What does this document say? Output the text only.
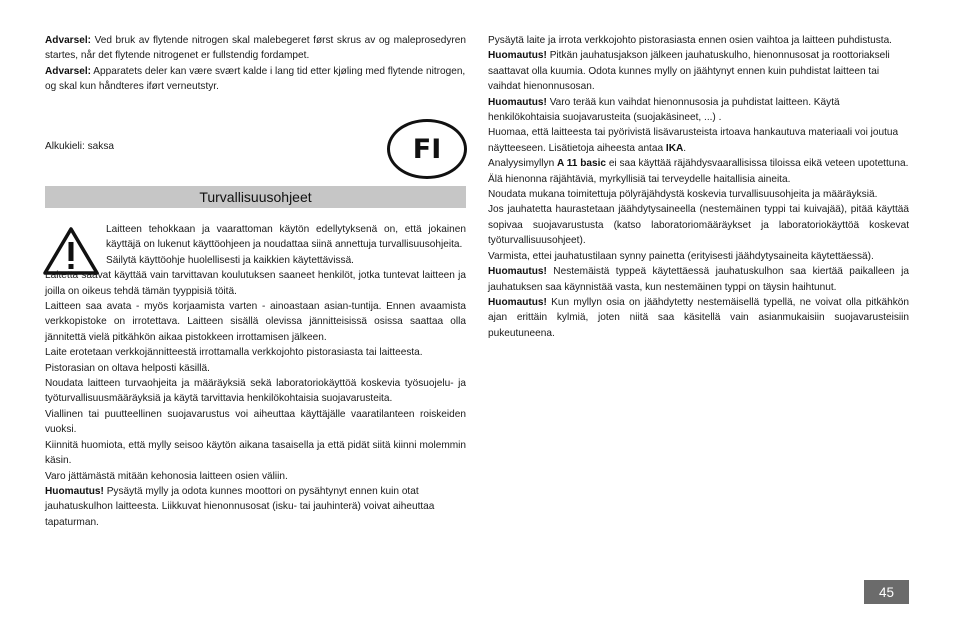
Advarsel: Ved bruk av flytende nitrogen skal malebegeret først skrus av og maleprosedyren startes, når det flytende nitrogenet er fullstendig fordampet.

Advarsel: Apparatets deler kan være svært kalde i lang tid etter kjøling med flytende nitrogen, og skal kun håndteres iført verneutstyr.

Alkukieli: saksa	FI
Turvallisuusohjeet

Laitteen tehokkaan ja vaarattoman käytön edellytyksenä on, että jokainen käyttäjä on lukenut käyttöohjeen ja noudattaa siinä annettuja turvallisuusohjeita.

Säilytä käyttöohje huolellisesti ja kaikkien käytettävissä.

Laitetta saavat käyttää vain tarvittavan koulutuksen saaneet henkilöt, jotka tuntevat laitteen ja joilla on oikeus tehdä tämän tyyppisiä töitä.

Laitteen saa avata - myös korjaamista varten - ainoastaan asian-tuntija. Ennen avaamista verkkopistoke on irrotettava. Laitteen sisällä olevissa jännitteisissä osissa saattaa olla jännitettä vielä pitkähkön aikaa pistokkeen irrottamisen jälkeen.

Laite erotetaan verkkojännitteestä irrottamalla verkkojohto pistorasiasta tai laitteesta. Pistorasian on oltava helposti käsillä.

Noudata laitteen turvaohjeita ja määräyksiä sekä laboratoriokäyttöä koskevia työsuojelu- ja työturvallisuusmääräyksiä ja käytä tarvittavia henkilökohtaisia suojavarusteita.

Viallinen tai puutteellinen suojavarustus voi aiheuttaa käyttäjälle vaaratilanteen roiskeiden vuoksi.

Kiinnitä huomiota, että mylly seisoo käytön aikana tasaisella ja että pidät siitä kiinni molemmin käsin.

Varo jättämästä mitään kehonosia laitteen osien väliin.

Huomautus! Pysäytä mylly ja odota kunnes moottori on pysähtynyt ennen kuin otat jauhatuskulhon laitteesta. Liikkuvat hienonnusosat (isku- tai jauhinterä) voivat aiheuttaa tapaturman.

Pysäytä laite ja irrota verkkojohto pistorasiasta ennen osien vaihtoa ja laitteen puhdistusta.

Huomautus! Pitkän jauhatusjakson jälkeen jauhatuskulho, hienonnusosat ja roottoriakseli saattavat olla kuumia. Odota kunnes mylly on jäähtynyt ennen kuin puhdistat laitteen tai vaihdat hienonnusosan.

Huomautus! Varo terää kun vaihdat hienonnusosia ja puhdistat laitteen. Käytä henkilökohtaisia suojavarusteita (suojakäsineet, ...) .

Huomaa, että laitteesta tai pyörivistä lisävarusteista irtoava hankautuva materiaali voi joutua näytteeseen. Lisätietoja aiheesta antaa IKA.

Analyysimyllyn A 11 basic ei saa käyttää räjähdysvaarallisissa tiloissa eikä veteen upotettuna.

Älä hienonna räjähtäviä, myrkyllisiä tai terveydelle haitallisia aineita.

Noudata mukana toimitettuja pölyräjähdystä koskevia turvallisuusohjeita ja määräyksiä.

Jos jauhatetta haurastetaan jäähdytysaineella (nestemäinen typpi tai kuivajää), pitää käyttää sopivaa suojavarustusta (katso laboratoriomääräykset ja laboratoriokäyttöä koskevat työturvallisuusohjeet).

Varmista, ettei jauhatustilaan synny painetta (erityisesti jäähdytysaineita käytettäessä).

Huomautus! Nestemäistä typpeä käytettäessä jauhatuskulhon saa kiertää paikalleen ja jauhatuksen saa käynnistää vasta, kun nestemäinen typpi on täysin haihtunut.

Huomautus! Kun myllyn osia on jäähdytetty nestemäisellä typellä, ne voivat olla pitkähkön ajan erittäin kylmiä, joten niitä saa käsitellä vain asianmukaisiin suojavarusteisiin pukeutuneena.

45
